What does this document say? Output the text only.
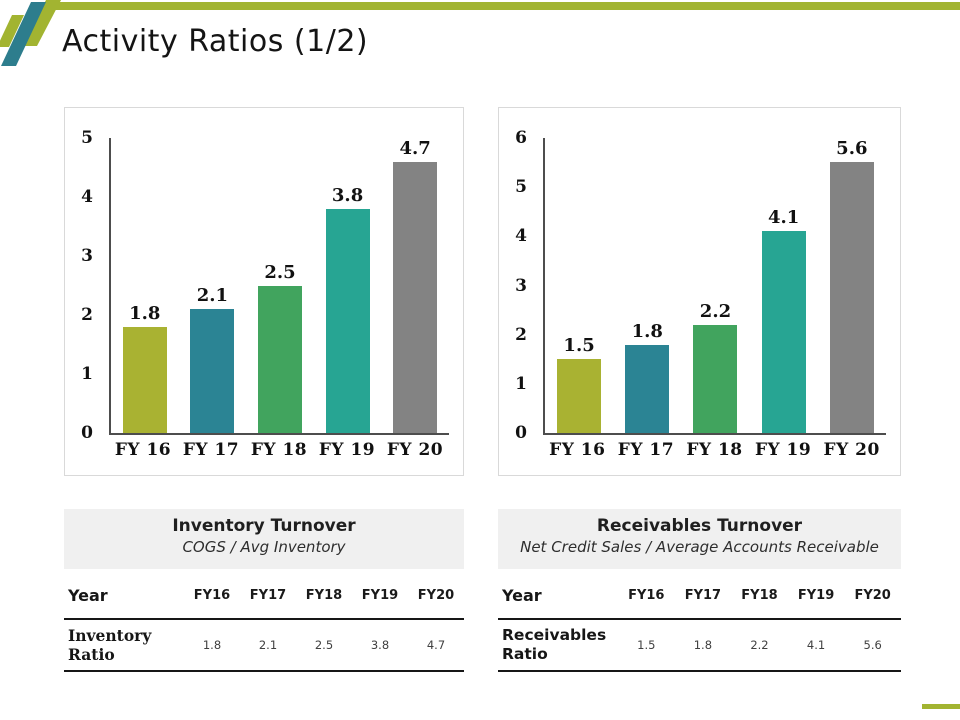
Activity Ratios (1/2)
1.8
2.1
2.5
3.8
4.7
FY 16 FY 17 FY 18 FY 19 FY 20
0
1
2
3
4
5
Inventory Turnover
COGS / Avg Inventory
Year	FY16	FY17	FY18	FY19	FY20
Inventory Ratio	1.8	2.1	2.5	3.8	4.7
1.5
1.8
2.2
4.1
5.6
FY 16 FY 17 FY 18 FY 19 FY 20
0
1
2
3
4
5
6
Receivables Turnover
Net Credit Sales / Average Accounts Receivable
Year	FY16	FY17	FY18	FY19	FY20
Receivables Ratio	1.5	1.8	2.2	4.1	5.6
